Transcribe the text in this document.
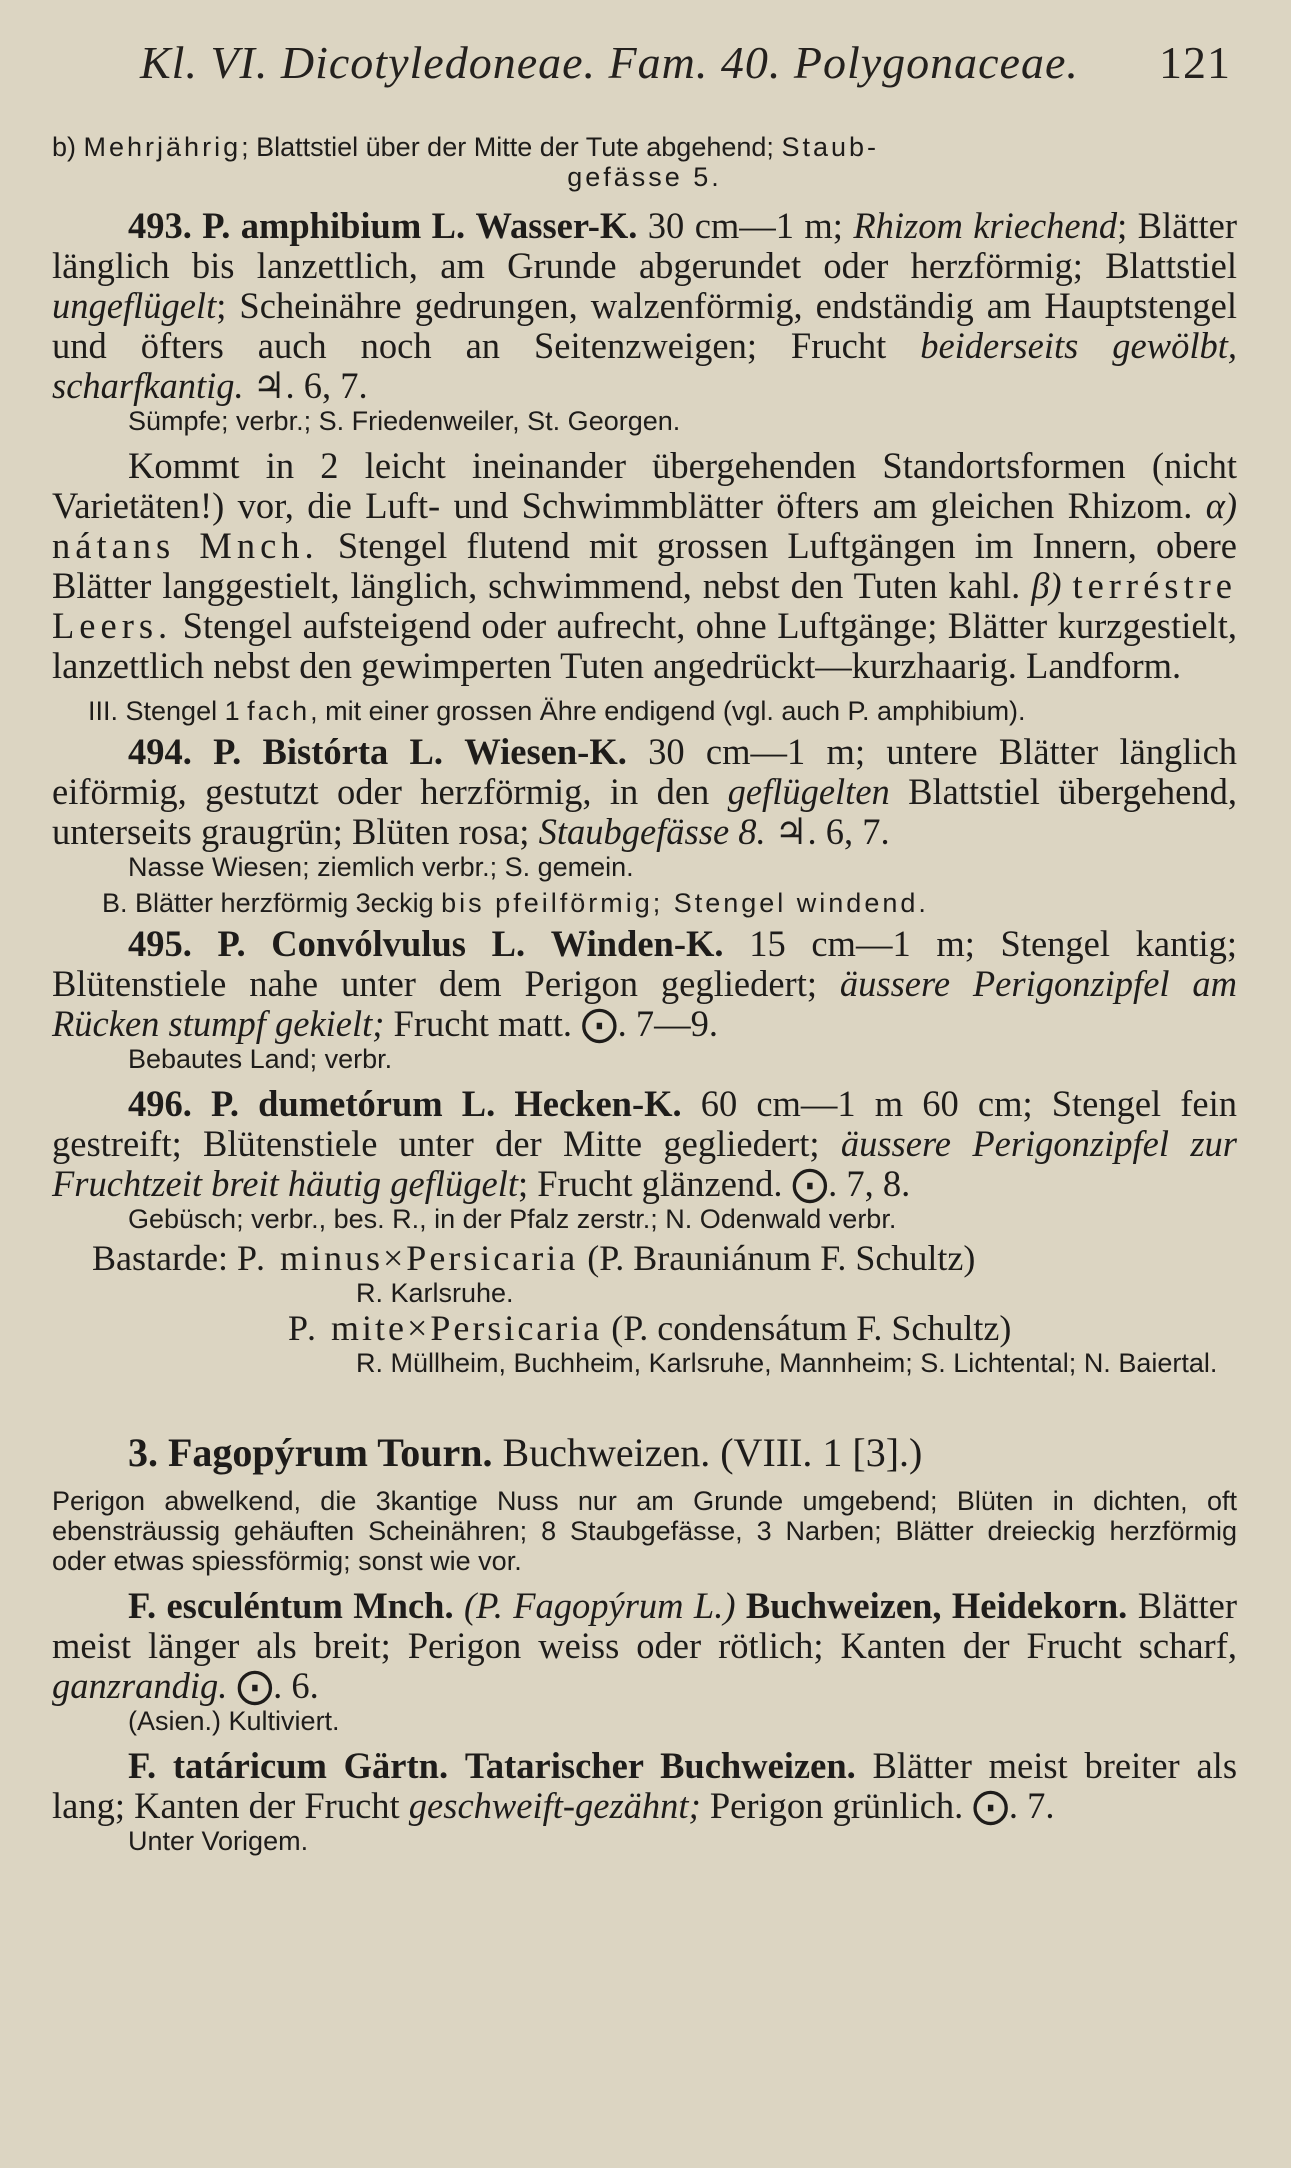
Kl. VI. Dicotyledoneae. Fam. 40. Polygonaceae. 121

b) Mehrjährig; Blattstiel über der Mitte der Tute abgehend; Staub-

gefässe 5.

493. P. amphibium L. Wasser-K. 30 cm—1 m; Rhizom kriechend; Blätter länglich bis lanzettlich, am Grunde abgerundet oder herzförmig; Blattstiel ungeflügelt; Scheinähre gedrungen, walzenförmig, endständig am Hauptstengel und öfters auch noch an Seitenzweigen; Frucht beiderseits gewölbt, scharfkantig. ♃. 6, 7.

Sümpfe; verbr.; S. Friedenweiler, St. Georgen.

Kommt in 2 leicht ineinander übergehenden Standortsformen (nicht Varietäten!) vor, die Luft- und Schwimmblätter öfters am gleichen Rhizom. α) nátans Mnch. Stengel flutend mit grossen Luftgängen im Innern, obere Blätter langgestielt, länglich, schwimmend, nebst den Tuten kahl. β) terréstre Leers. Stengel aufsteigend oder aufrecht, ohne Luftgänge; Blätter kurzgestielt, lanzettlich nebst den gewimperten Tuten angedrückt—kurzhaarig. Landform.

III. Stengel 1 fach, mit einer grossen Ähre endigend (vgl. auch P. amphibium).

494. P. Bistórta L. Wiesen-K. 30 cm—1 m; untere Blätter länglich eiförmig, gestutzt oder herzförmig, in den geflügelten Blattstiel übergehend, unterseits graugrün; Blüten rosa; Staubgefässe 8. ♃. 6, 7.

Nasse Wiesen; ziemlich verbr.; S. gemein.

B. Blätter herzförmig 3eckig bis pfeilförmig; Stengel windend.

495. P. Convólvulus L. Winden-K. 15 cm—1 m; Stengel kantig; Blütenstiele nahe unter dem Perigon gegliedert; äussere Perigonzipfel am Rücken stumpf gekielt; Frucht matt. ⨀. 7—9.

Bebautes Land; verbr.

496. P. dumetórum L. Hecken-K. 60 cm—1 m 60 cm; Stengel fein gestreift; Blütenstiele unter der Mitte gegliedert; äussere Perigonzipfel zur Fruchtzeit breit häutig geflügelt; Frucht glänzend. ⨀. 7, 8.

Gebüsch; verbr., bes. R., in der Pfalz zerstr.; N. Odenwald verbr.

Bastarde: P. minus×Persicaria (P. Brauniánum F. Schultz)

R. Karlsruhe.

P. mite×Persicaria (P. condensátum F. Schultz)

R. Müllheim, Buchheim, Karlsruhe, Mannheim; S. Lichtental; N. Baiertal.

3. Fagopýrum Tourn. Buchweizen. (VIII. 1 [3].)

Perigon abwelkend, die 3kantige Nuss nur am Grunde umgebend; Blüten in dichten, oft ebensträussig gehäuften Scheinähren; 8 Staubgefässe, 3 Narben; Blätter dreieckig herzförmig oder etwas spiessförmig; sonst wie vor.

F. esculéntum Mnch. (P. Fagopýrum L.) Buchweizen, Heidekorn. Blätter meist länger als breit; Perigon weiss oder rötlich; Kanten der Frucht scharf, ganzrandig. ⨀. 6.

(Asien.) Kultiviert.

F. tatáricum Gärtn. Tatarischer Buchweizen. Blätter meist breiter als lang; Kanten der Frucht geschweift-gezähnt; Perigon grünlich. ⨀. 7.

Unter Vorigem.
